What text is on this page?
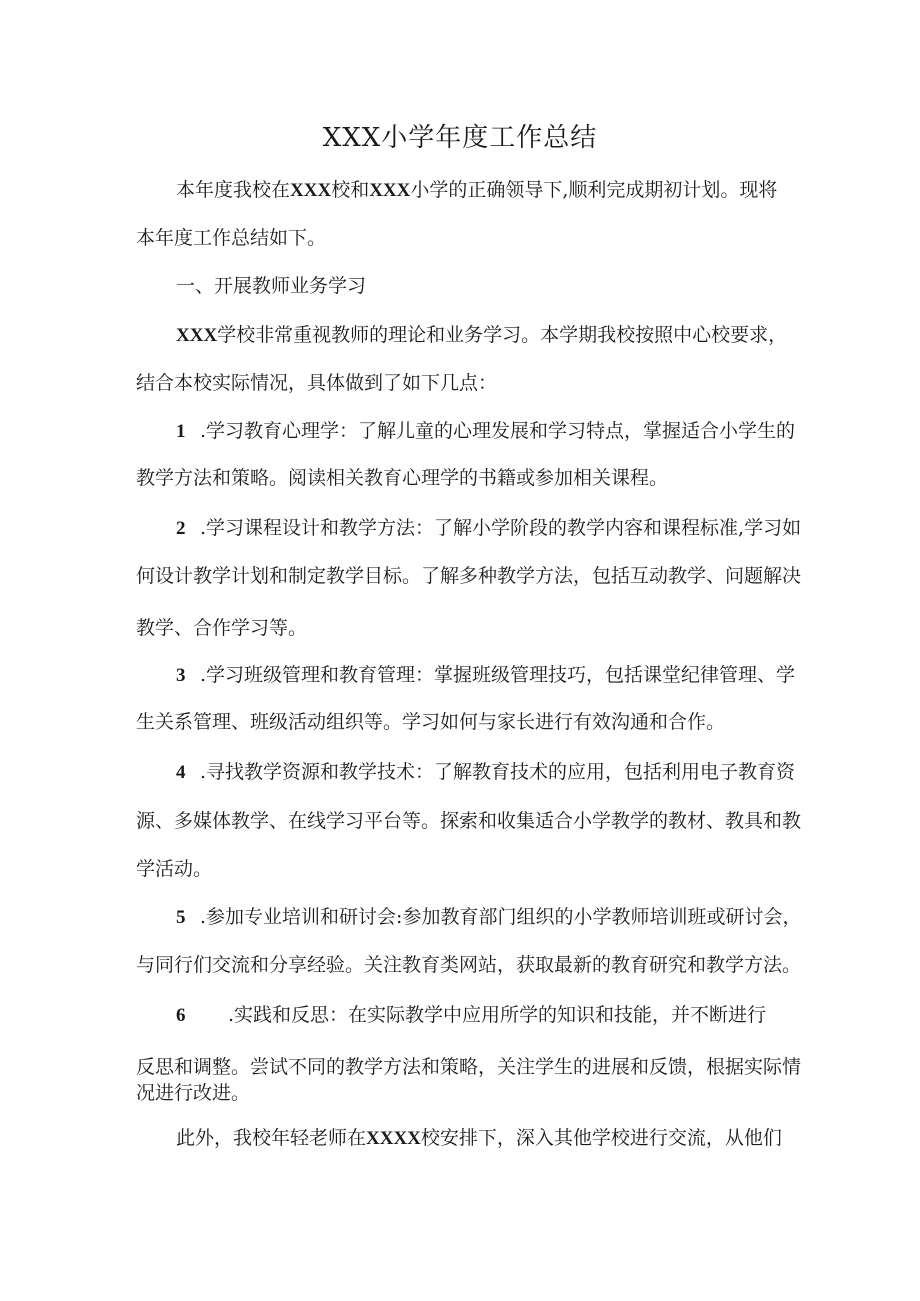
XXX小学年度工作总结
本年度我校在XXX校和XXX小学的正确领导下,顺利完成期初计划。现将
本年度工作总结如下。
一、开展教师业务学习
XXX学校非常重视教师的理论和业务学习。本学期我校按照中心校要求，
结合本校实际情况，具体做到了如下几点：
1 .学习教育心理学：了解儿童的心理发展和学习特点，掌握适合小学生的
教学方法和策略。阅读相关教育心理学的书籍或参加相关课程。
2 .学习课程设计和教学方法：了解小学阶段的教学内容和课程标准,学习如
何设计教学计划和制定教学目标。了解多种教学方法，包括互动教学、问题解决
教学、合作学习等。
3 .学习班级管理和教育管理：掌握班级管理技巧，包括课堂纪律管理、学
生关系管理、班级活动组织等。学习如何与家长进行有效沟通和合作。
4 .寻找教学资源和教学技术：了解教育技术的应用，包括利用电子教育资
源、多媒体教学、在线学习平台等。探索和收集适合小学教学的教材、教具和教
学活动。
5 .参加专业培训和研讨会:参加教育部门组织的小学教师培训班或研讨会，
与同行们交流和分享经验。关注教育类网站，获取最新的教育研究和教学方法。
6 .实践和反思：在实际教学中应用所学的知识和技能，并不断进行
反思和调整。尝试不同的教学方法和策略，关注学生的进展和反馈，根据实际情
况进行改进。
此外，我校年轻老师在XXXX校安排下，深入其他学校进行交流，从他们
